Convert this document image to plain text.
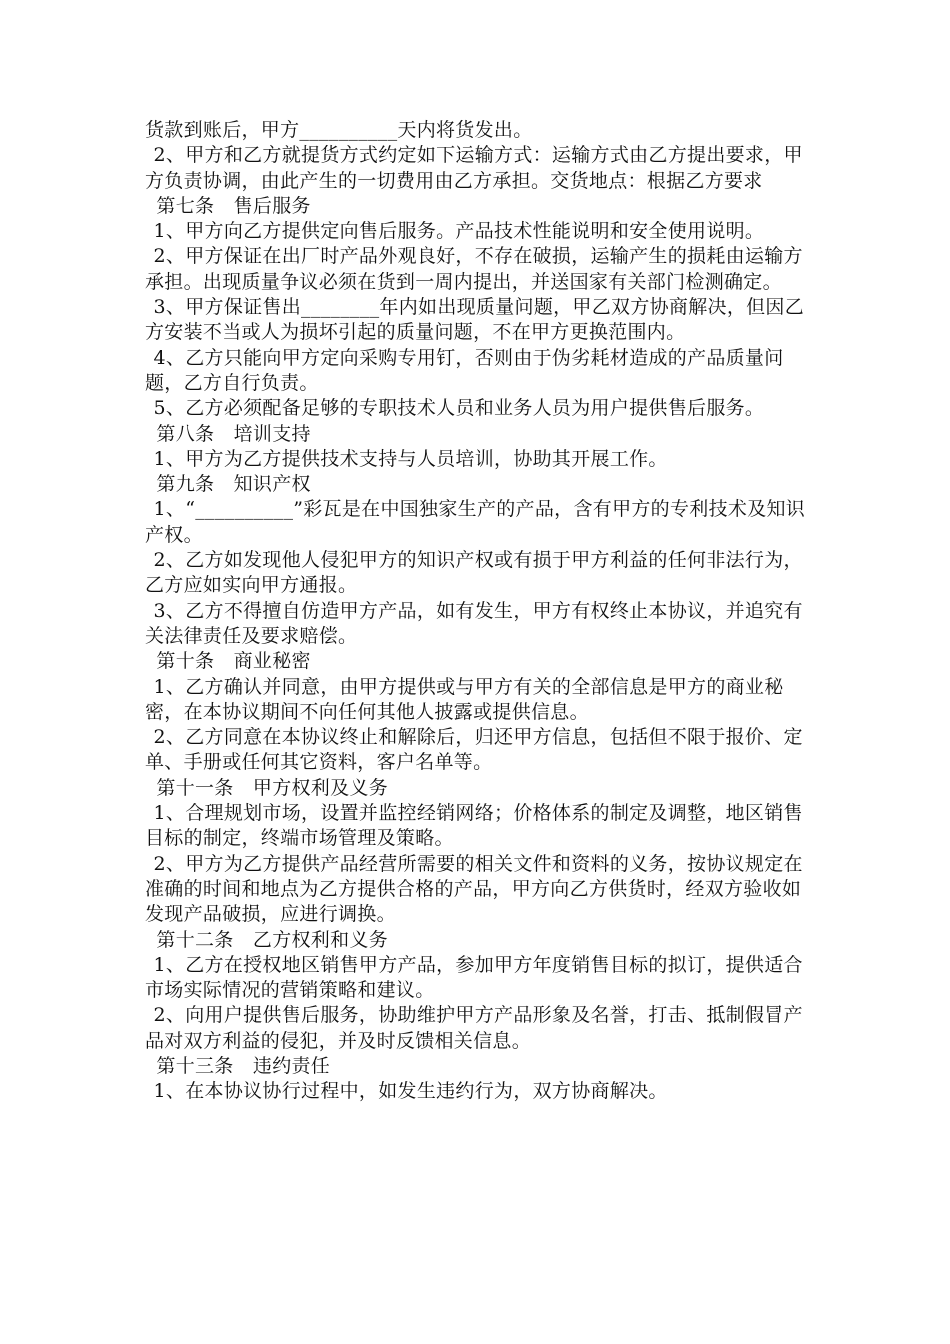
货款到账后，甲方__________天内将货发出。

2、甲方和乙方就提货方式约定如下运输方式：运输方式由乙方提出要求，甲方负责协调，由此产生的一切费用由乙方承担。交货地点：根据乙方要求

第七条　售后服务

1、甲方向乙方提供定向售后服务。产品技术性能说明和安全使用说明。

2、甲方保证在出厂时产品外观良好，不存在破损，运输产生的损耗由运输方承担。出现质量争议必须在货到一周内提出，并送国家有关部门检测确定。

3、甲方保证售出________年内如出现质量问题，甲乙双方协商解决，但因乙方安装不当或人为损坏引起的质量问题，不在甲方更换范围内。

4、乙方只能向甲方定向采购专用钉，否则由于伪劣耗材造成的产品质量问题，乙方自行负责。

5、乙方必须配备足够的专职技术人员和业务人员为用户提供售后服务。

第八条　培训支持

1、甲方为乙方提供技术支持与人员培训，协助其开展工作。

第九条　知识产权

1、“__________”彩瓦是在中国独家生产的产品，含有甲方的专利技术及知识产权。

2、乙方如发现他人侵犯甲方的知识产权或有损于甲方利益的任何非法行为，乙方应如实向甲方通报。

3、乙方不得擅自仿造甲方产品，如有发生，甲方有权终止本协议，并追究有关法律责任及要求赔偿。

第十条　商业秘密

1、乙方确认并同意，由甲方提供或与甲方有关的全部信息是甲方的商业秘密，在本协议期间不向任何其他人披露或提供信息。

2、乙方同意在本协议终止和解除后，归还甲方信息，包括但不限于报价、定单、手册或任何其它资料，客户名单等。

第十一条　甲方权利及义务

1、合理规划市场，设置并监控经销网络；价格体系的制定及调整，地区销售目标的制定，终端市场管理及策略。

2、甲方为乙方提供产品经营所需要的相关文件和资料的义务，按协议规定在准确的时间和地点为乙方提供合格的产品，甲方向乙方供货时，经双方验收如发现产品破损，应进行调换。

第十二条　乙方权利和义务

1、乙方在授权地区销售甲方产品，参加甲方年度销售目标的拟订，提供适合市场实际情况的营销策略和建议。

2、向用户提供售后服务，协助维护甲方产品形象及名誉，打击、抵制假冒产品对双方利益的侵犯，并及时反馈相关信息。

第十三条　违约责任

1、在本协议协行过程中，如发生违约行为，双方协商解决。
